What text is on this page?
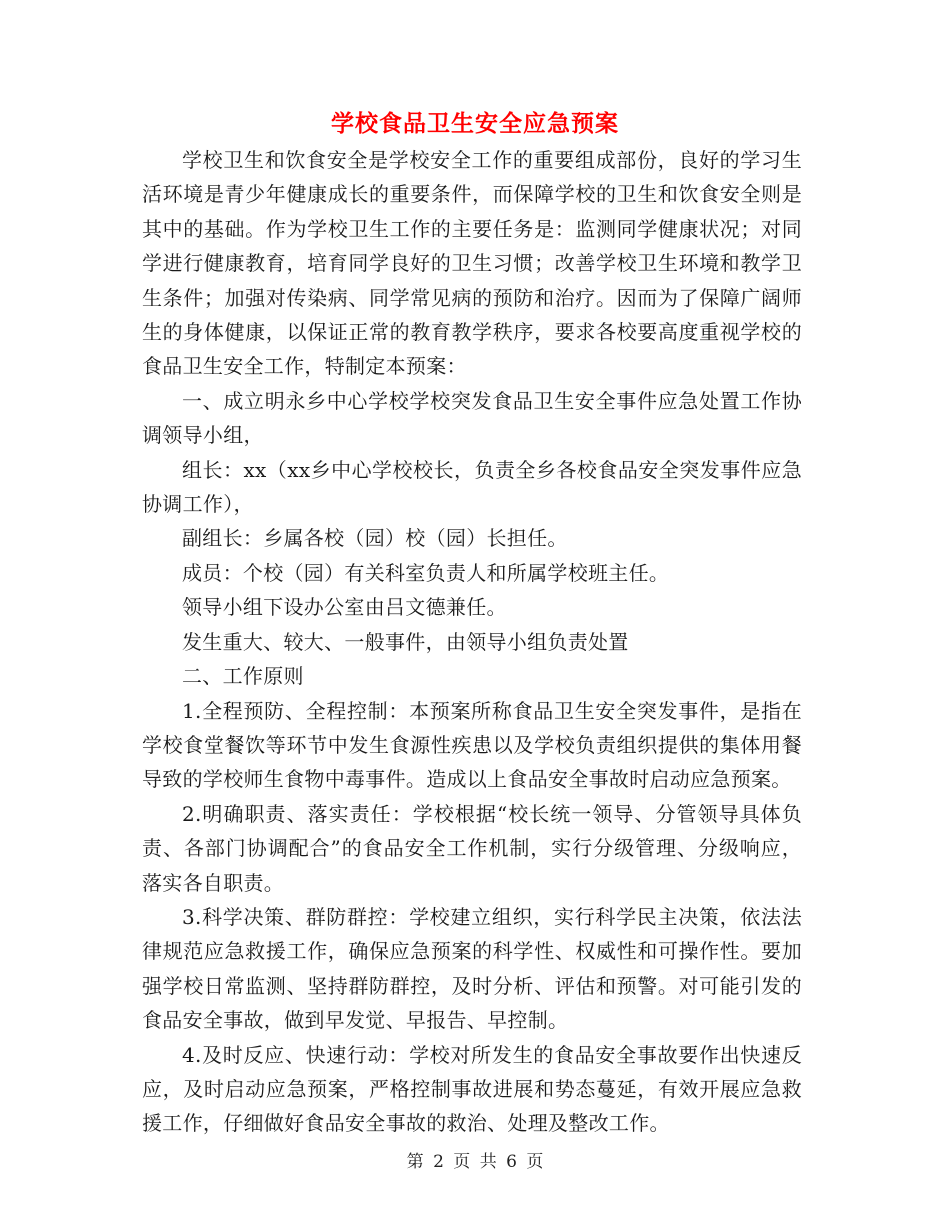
学校食品卫生安全应急预案

学校卫生和饮食安全是学校安全工作的重要组成部份，良好的学习生活环境是青少年健康成长的重要条件，而保障学校的卫生和饮食安全则是其中的基础。作为学校卫生工作的主要任务是：监测同学健康状况；对同学进行健康教育，培育同学良好的卫生习惯；改善学校卫生环境和教学卫生条件；加强对传染病、同学常见病的预防和治疗。因而为了保障广阔师生的身体健康，以保证正常的教育教学秩序，要求各校要高度重视学校的食品卫生安全工作，特制定本预案：

一、成立明永乡中心学校学校突发食品卫生安全事件应急处置工作协调领导小组，

组长：xx（xx乡中心学校校长，负责全乡各校食品安全突发事件应急协调工作），

副组长：乡属各校（园）校（园）长担任。

成员：个校（园）有关科室负责人和所属学校班主任。

领导小组下设办公室由吕文德兼任。

发生重大、较大、一般事件，由领导小组负责处置

二、工作原则

1.全程预防、全程控制：本预案所称食品卫生安全突发事件，是指在学校食堂餐饮等环节中发生食源性疾患以及学校负责组织提供的集体用餐导致的学校师生食物中毒事件。造成以上食品安全事故时启动应急预案。

2.明确职责、落实责任：学校根据“校长统一领导、分管领导具体负责、各部门协调配合”的食品安全工作机制，实行分级管理、分级响应，落实各自职责。

3.科学决策、群防群控：学校建立组织，实行科学民主决策，依法法律规范应急救援工作，确保应急预案的科学性、权威性和可操作性。要加强学校日常监测、坚持群防群控，及时分析、评估和预警。对可能引发的食品安全事故，做到早发觉、早报告、早控制。

4.及时反应、快速行动：学校对所发生的食品安全事故要作出快速反应，及时启动应急预案，严格控制事故进展和势态蔓延，有效开展应急救援工作，仔细做好食品安全事故的救治、处理及整改工作。

第 2 页 共 6 页
